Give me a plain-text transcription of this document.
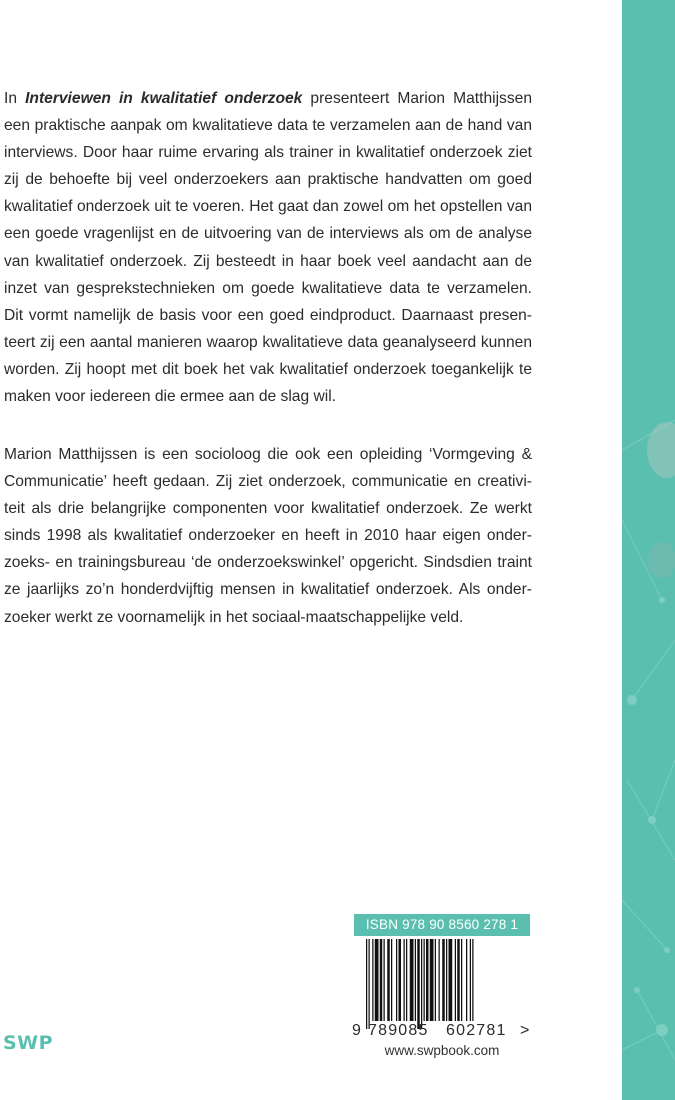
In Interviewen in kwalitatief onderzoek presenteert Marion Matthijssen een praktische aanpak om kwalitatieve data te verzamelen aan de hand van interviews. Door haar ruime ervaring als trainer in kwalitatief onderzoek ziet zij de behoefte bij veel onderzoekers aan praktische handvatten om goed kwalitatief onderzoek uit te voeren. Het gaat dan zowel om het opstellen van een goede vragenlijst en de uitvoering van de interviews als om de analyse van kwalitatief onderzoek. Zij besteedt in haar boek veel aandacht aan de inzet van gesprekstechnieken om goede kwalitatieve data te verzamelen. Dit vormt namelijk de basis voor een goed eindproduct. Daarnaast presenteert zij een aantal manieren waarop kwalitatieve data geanalyseerd kunnen worden. Zij hoopt met dit boek het vak kwalitatief onderzoek toegankelijk te maken voor iedereen die ermee aan de slag wil.

Marion Matthijssen is een socioloog die ook een opleiding ‘Vormgeving & Communicatie’ heeft gedaan. Zij ziet onderzoek, communicatie en creativiteit als drie belangrijke componenten voor kwalitatief onderzoek. Ze werkt sinds 1998 als kwalitatief onderzoeker en heeft in 2010 haar eigen onderzoeks- en trainingsbureau ‘de onderzoekswinkel’ opgericht. Sindsdien traint ze jaarlijks zo’n honderdvijftig mensen in kwalitatief onderzoek. Als onderzoeker werkt ze voornamelijk in het sociaal-maatschappelijke veld.

ISBN 978 90 8560 278 1
9 789085 602781 >
www.swpbook.com
SWP
